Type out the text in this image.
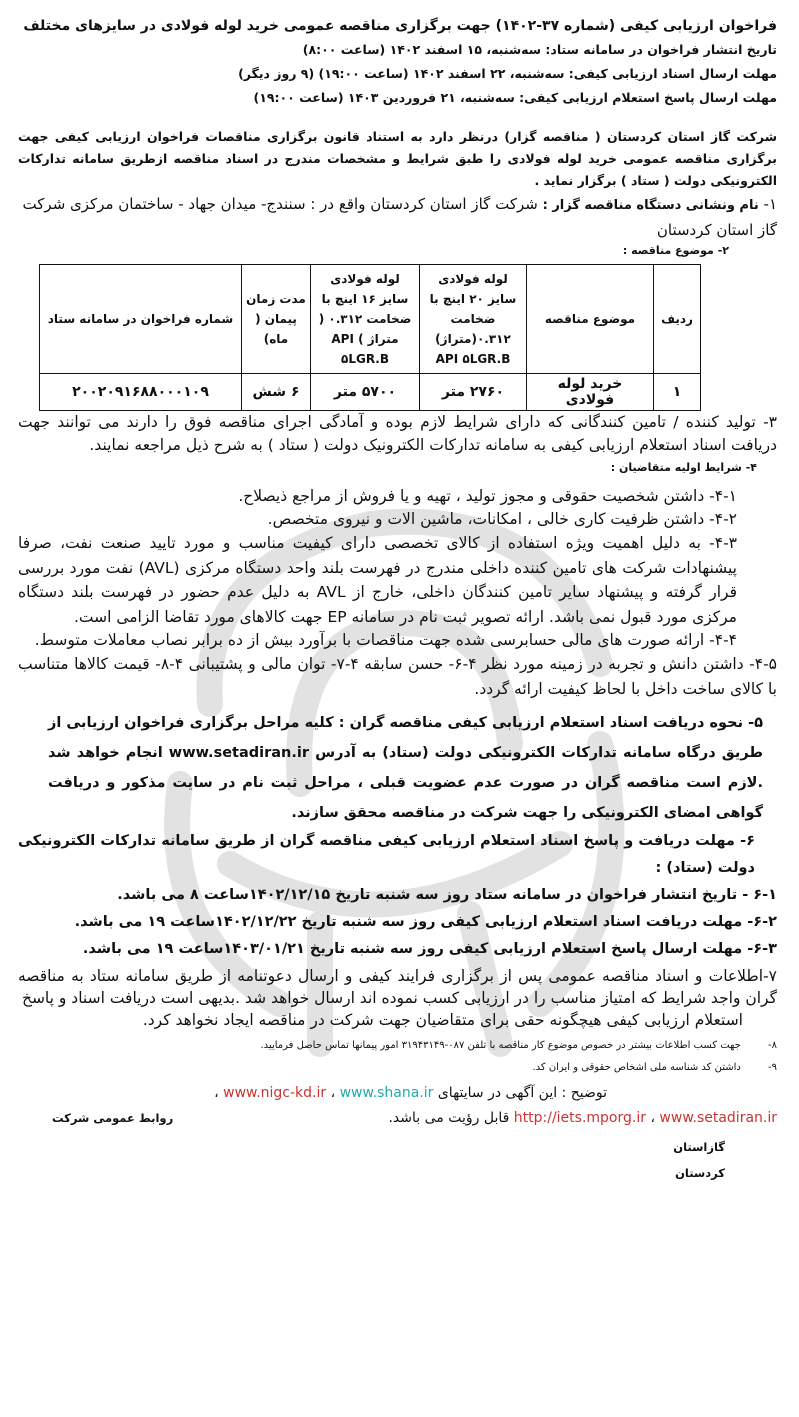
فراخوان ارزیابی کیفی (شماره ۳۷-۱۴۰۲) جهت برگزاری مناقصه عمومی خرید لوله فولادی در سایزهای مختلف
تاریخ انتشار فراخوان در سامانه ستاد: سه‌شنبه، ۱۵ اسفند ۱۴۰۲ (ساعت ۸:۰۰)
مهلت ارسال اسناد ارزیابی کیفی: سه‌شنبه، ۲۲ اسفند ۱۴۰۲ (ساعت ۱۹:۰۰) (۹ روز دیگر)
مهلت ارسال پاسخ استعلام ارزیابی کیفی: سه‌شنبه، ۲۱ فروردین ۱۴۰۳ (ساعت ۱۹:۰۰)
شرکت گاز استان کردستان ( مناقصه گزار) درنظر دارد به استناد قانون برگزاری مناقصات فراخوان ارزیابی کیفی جهت برگزاری مناقصه عمومی خرید لوله فولادی را طبق شرایط و مشخصات مندرج در اسناد مناقصه ازطریق سامانه تدارکات الکترونیکی دولت ( ستاد ) برگزار نماید .
۱- نام ونشانی دستگاه مناقصه گزار : شرکت گاز استان کردستان واقع در : سنندج- میدان جهاد - ساختمان مرکزی شرکت گاز استان کردستان
۲- موضوع مناقصه :
ردیف	موضوع مناقصه	لوله فولادی سایز ۲۰ اینچ با ضخامت ۰.۳۱۲(متراژ) API ۵LGR.B	لوله فولادی سایز ۱۶ اینچ با ضخامت ۰.۳۱۲ ( متراژ ) API ۵LGR.B	مدت زمان پیمان ( ماه)	شماره فراخوان در سامانه ستاد
۱	خرید لوله فولادی	۲۷۶۰ متر	۵۷۰۰ متر	۶ شش	۲۰۰۲۰۹۱۶۸۸۰۰۰۱۰۹
۳- تولید کننده / تامین کنندگانی که دارای شرایط لازم بوده و آمادگی اجرای مناقصه فوق را دارند می توانند جهت دریافت اسناد استعلام ارزیابی کیفی به سامانه تدارکات الکترونیک دولت ( ستاد ) به شرح ذیل مراجعه نمایند.
۴- شرایط اولیه متقاضیان :
۴-۱- داشتن شخصیت حقوقی و مجوز تولید ، تهیه و یا فروش از مراجع ذیصلاح.
۴-۲- داشتن ظرفیت کاری خالی ، امکانات، ماشین الات و نیروی متخصص.
۴-۳- به دلیل اهمیت ویژه استفاده از کالای تخصصی دارای کیفیت مناسب و مورد تایید صنعت نفت، صرفا پیشنهادات شرکت های تامین کننده داخلی مندرج در فهرست بلند واحد دستگاه مرکزی (AVL) نفت مورد بررسی قرار گرفته و پیشنهاد سایر تامین کنندگان داخلی، خارج از AVL به دلیل عدم حضور در فهرست بلند دستگاه مرکزی مورد قبول نمی باشد. ارائه تصویر ثبت نام در سامانه EP جهت کالاهای مورد تقاضا الزامی است.
۴-۴- ارائه صورت های مالی حسابرسی شده جهت مناقصات با برآورد بیش از ده برابر نصاب معاملات متوسط.
۴-۵- داشتن دانش و تجربه در زمینه مورد نظر ۴-۶- حسن سابقه ۴-۷- توان مالی و پشتیبانی ۴-۸- قیمت کالاها متناسب با کالای ساخت داخل با لحاظ کیفیت ارائه گردد.
۵- نحوه دریافت اسناد استعلام ارزیابی کیفی مناقصه گران : کلیه مراحل برگزاری فراخوان ارزیابی از طریق درگاه سامانه تدارکات الکترونیکی دولت (ستاد) به آدرس www.setadiran.ir انجام خواهد شد .لازم است مناقصه گران در صورت عدم عضویت قبلی ، مراحل ثبت نام در سایت مذکور و دریافت گواهی امضای الکترونیکی را جهت شرکت در مناقصه محقق سازند.
۶- مهلت دریافت و پاسخ اسناد استعلام ارزیابی کیفی مناقصه گران از طریق سامانه تدارکات الکترونیکی دولت (ستاد) :
۶-۱ - تاریخ انتشار فراخوان در سامانه ستاد روز سه شنبه تاریخ ۱۴۰۲/۱۲/۱۵ساعت ۸ می باشد.
۶-۲- مهلت دریافت اسناد استعلام ارزیابی کیفی روز سه شنبه تاریخ ۱۴۰۲/۱۲/۲۲ساعت ۱۹ می باشد.
۶-۳- مهلت ارسال پاسخ استعلام ارزیابی کیفی روز سه شنبه تاریخ ۱۴۰۳/۰۱/۲۱ساعت ۱۹ می باشد.
۷-اطلاعات و اسناد مناقصه عمومی پس از برگزاری فرایند کیفی و ارسال دعوتنامه از طریق سامانه ستاد به مناقصه گران واجد شرایط که امتیاز مناسب را در ارزیابی کسب نموده اند ارسال خواهد شد .بدیهی است دریافت اسناد و پاسخ
استعلام ارزیابی کیفی هیچگونه حقی برای متقاضیان جهت شرکت در مناقصه ایجاد نخواهد کرد.
۸- جهت کسب اطلاعات بیشتر در خصوص موضوع کار مناقصه با تلفن ۰۸۷-۳۱۹۴۳۱۴۹ امور پیمانها تماس حاصل فرمایید.
۹- داشتن کد شناسه ملی اشخاص حقوقی و ایران کد.
توضیح : این آگهی در سایتهای www.nigc-kd.ir ، www.shana.ir ،
http://iets.mporg.ir ، www.setadiran.ir قابل رؤیت می باشد.
روابط عمومی شرکت
گازاستان
کردستان
